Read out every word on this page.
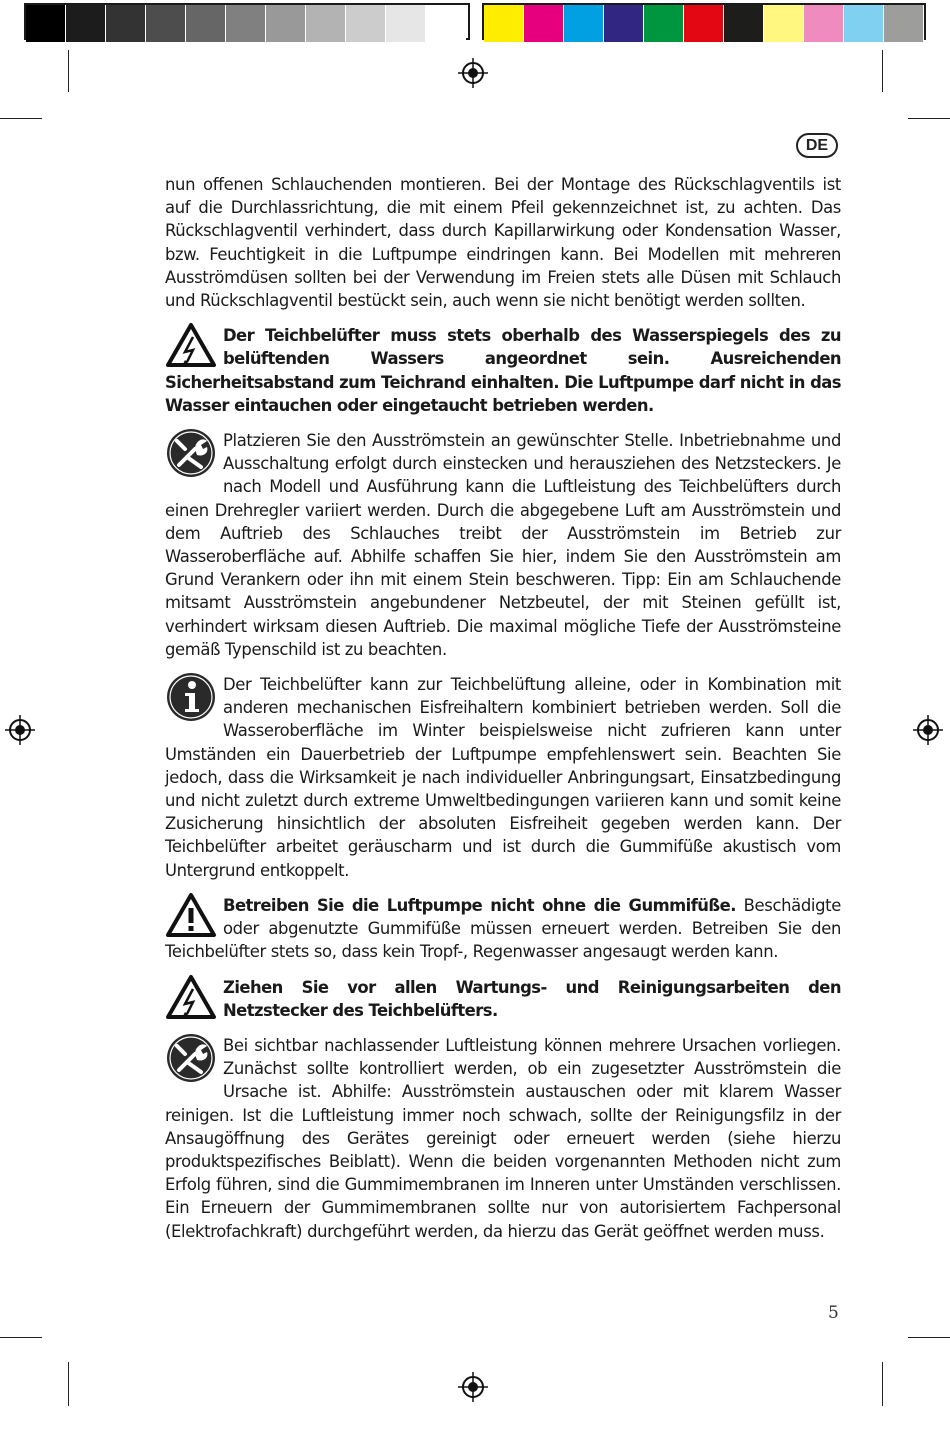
DE

nun offenen Schlauchenden montieren. Bei der Montage des Rückschlagventils ist auf die Durchlassrichtung, die mit einem Pfeil gekennzeichnet ist, zu achten. Das Rückschlagventil verhindert, dass durch Kapillarwirkung oder Kondensation Wasser, bzw. Feuchtigkeit in die Luftpumpe eindringen kann. Bei Modellen mit mehreren Ausströmdüsen sollten bei der Verwendung im Freien stets alle Düsen mit Schlauch und Rückschlagventil bestückt sein, auch wenn sie nicht benötigt werden sollten.

Der Teichbelüfter muss stets oberhalb des Wasserspiegels des zu belüftenden Wassers angeordnet sein. Ausreichenden Sicherheitsabstand zum Teichrand einhalten. Die Luftpumpe darf nicht in das Wasser eintauchen oder eingetaucht betrieben werden.

Platzieren Sie den Ausströmstein an gewünschter Stelle. Inbetriebnahme und Ausschaltung erfolgt durch einstecken und herausziehen des Netzsteckers. Je nach Modell und Ausführung kann die Luftleistung des Teichbelüfters durch einen Drehregler variiert werden. Durch die abgegebene Luft am Ausströmstein und dem Auftrieb des Schlauches treibt der Ausströmstein im Betrieb zur Wasseroberfläche auf. Abhilfe schaffen Sie hier, indem Sie den Ausströmstein am Grund Verankern oder ihn mit einem Stein beschweren. Tipp: Ein am Schlauchende mitsamt Ausströmstein angebundener Netzbeutel, der mit Steinen gefüllt ist, verhindert wirksam diesen Auftrieb. Die maximal mögliche Tiefe der Ausströmsteine gemäß Typenschild ist zu beachten.

Der Teichbelüfter kann zur Teichbelüftung alleine, oder in Kombination mit anderen mechanischen Eisfreihaltern kombiniert betrieben werden. Soll die Wasseroberfläche im Winter beispielsweise nicht zufrieren kann unter Umständen ein Dauerbetrieb der Luftpumpe empfehlenswert sein. Beachten Sie jedoch, dass die Wirksamkeit je nach individueller Anbringungsart, Einsatzbedingung und nicht zuletzt durch extreme Umweltbedingungen variieren kann und somit keine Zusicherung hinsichtlich der absoluten Eisfreiheit gegeben werden kann. Der Teichbelüfter arbeitet geräuscharm und ist durch die Gummifüße akustisch vom Untergrund entkoppelt.

Betreiben Sie die Luftpumpe nicht ohne die Gummifüße. Beschädigte oder abgenutzte Gummifüße müssen erneuert werden. Betreiben Sie den Teichbelüfter stets so, dass kein Tropf-, Regenwasser angesaugt werden kann.

Ziehen Sie vor allen Wartungs- und Reinigungsarbeiten den Netzstecker des Teichbelüfters.

Bei sichtbar nachlassender Luftleistung können mehrere Ursachen vorliegen. Zunächst sollte kontrolliert werden, ob ein zugesetzter Ausströmstein die Ursache ist. Abhilfe: Ausströmstein austauschen oder mit klarem Wasser reinigen. Ist die Luftleistung immer noch schwach, sollte der Reinigungsfilz in der Ansaugöffnung des Gerätes gereinigt oder erneuert werden (siehe hierzu produktspezifisches Beiblatt). Wenn die beiden vorgenannten Methoden nicht zum Erfolg führen, sind die Gummimembranen im Inneren unter Umständen verschlissen. Ein Erneuern der Gummimembranen sollte nur von autorisiertem Fachpersonal (Elektrofachkraft) durchgeführt werden, da hierzu das Gerät geöffnet werden muss.

5
